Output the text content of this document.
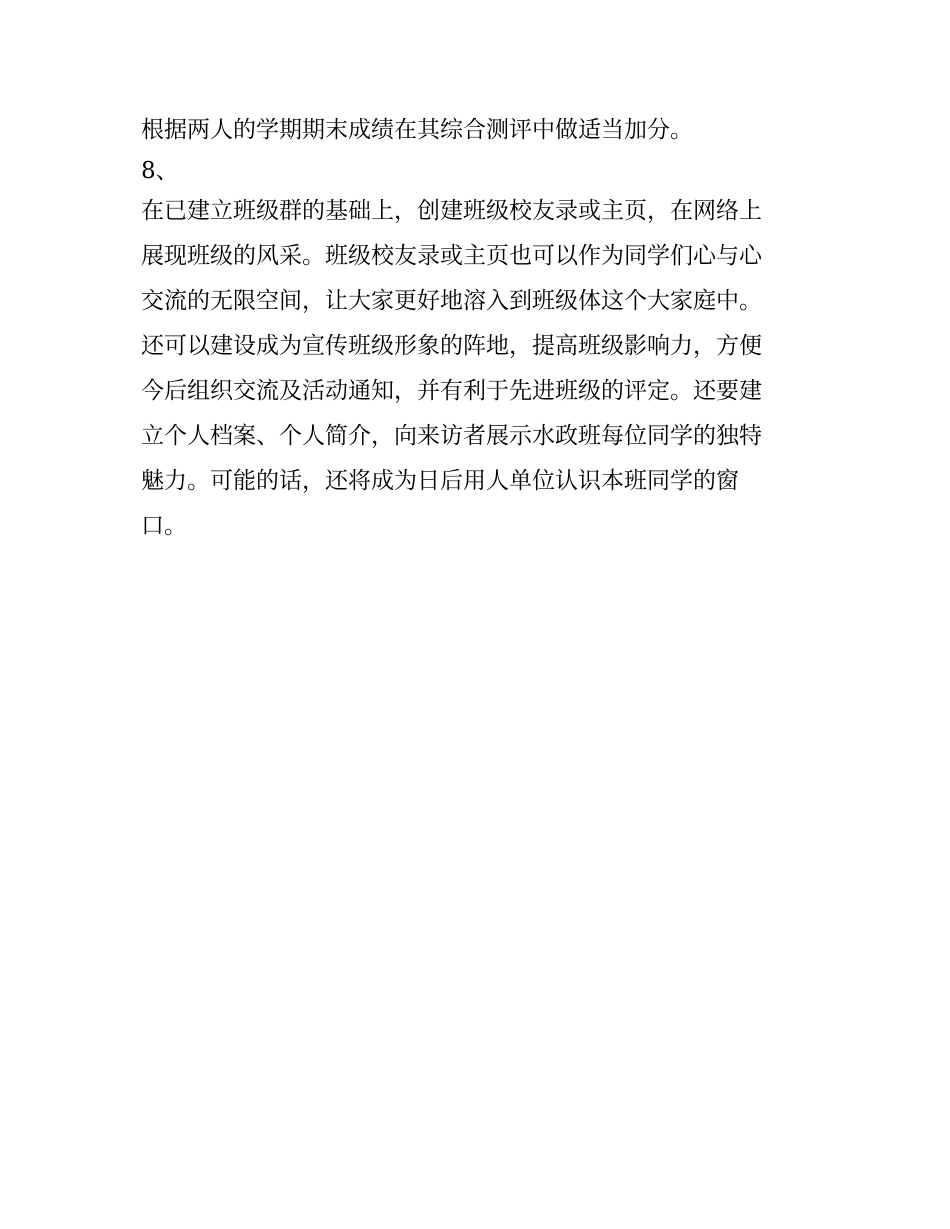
根据两人的学期期末成绩在其综合测评中做适当加分。
8、
在已建立班级群的基础上，创建班级校友录或主页，在网络上
展现班级的风采。班级校友录或主页也可以作为同学们心与心
交流的无限空间，让大家更好地溶入到班级体这个大家庭中。
还可以建设成为宣传班级形象的阵地，提高班级影响力，方便
今后组织交流及活动通知，并有利于先进班级的评定。还要建
立个人档案、个人简介，向来访者展示水政班每位同学的独特
魅力。可能的话，还将成为日后用人单位认识本班同学的窗
口。
